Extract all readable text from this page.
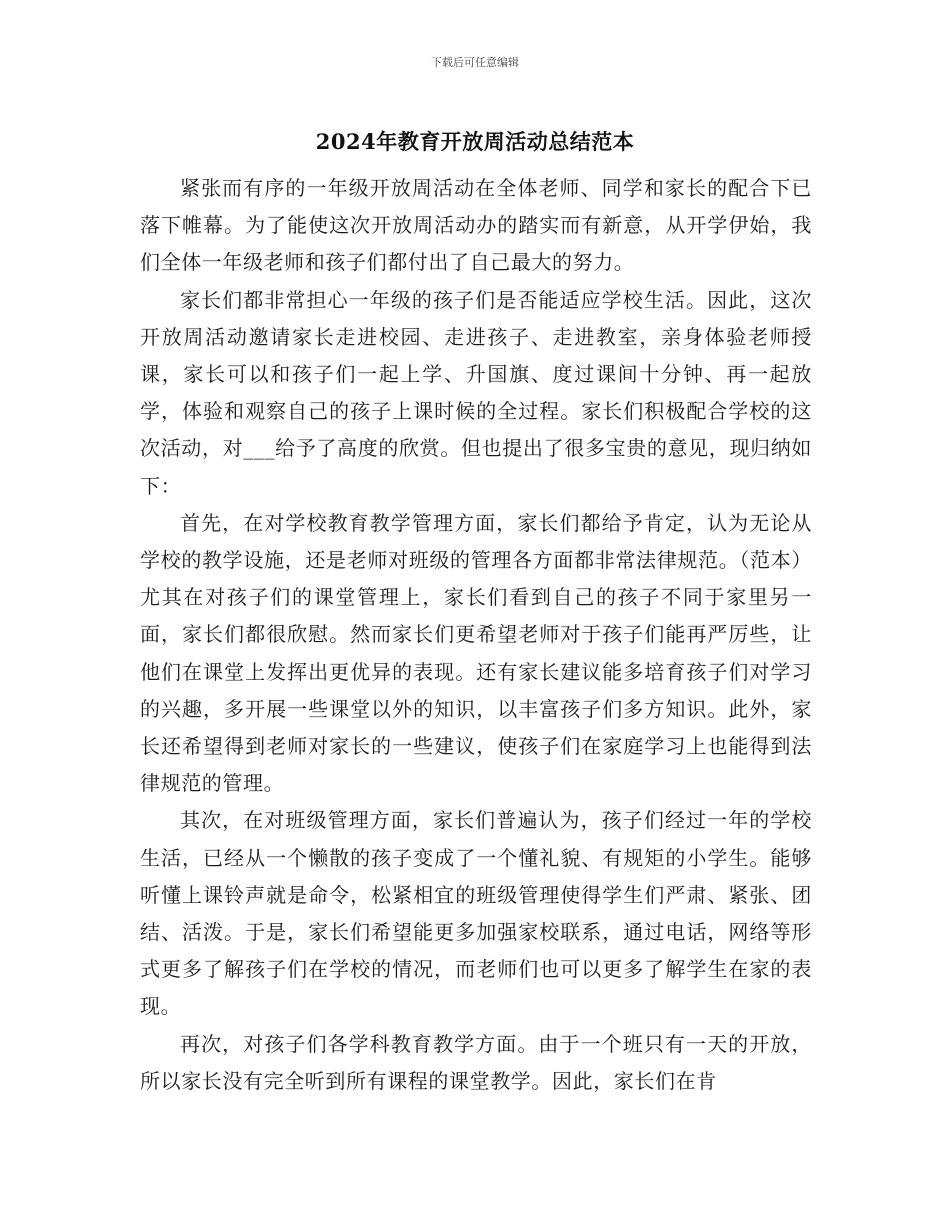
下载后可任意编辑
2024年教育开放周活动总结范本

紧张而有序的一年级开放周活动在全体老师、同学和家长的配合下已落下帷幕。为了能使这次开放周活动办的踏实而有新意，从开学伊始，我们全体一年级老师和孩子们都付出了自己最大的努力。

家长们都非常担心一年级的孩子们是否能适应学校生活。因此，这次开放周活动邀请家长走进校园、走进孩子、走进教室，亲身体验老师授课，家长可以和孩子们一起上学、升国旗、度过课间十分钟、再一起放学，体验和观察自己的孩子上课时候的全过程。家长们积极配合学校的这次活动，对___给予了高度的欣赏。但也提出了很多宝贵的意见，现归纳如下：

首先，在对学校教育教学管理方面，家长们都给予肯定，认为无论从学校的教学设施，还是老师对班级的管理各方面都非常法律规范。（范本）尤其在对孩子们的课堂管理上，家长们看到自己的孩子不同于家里另一面，家长们都很欣慰。然而家长们更希望老师对于孩子们能再严厉些，让他们在课堂上发挥出更优异的表现。还有家长建议能多培育孩子们对学习的兴趣，多开展一些课堂以外的知识，以丰富孩子们多方知识。此外，家长还希望得到老师对家长的一些建议，使孩子们在家庭学习上也能得到法律规范的管理。

其次，在对班级管理方面，家长们普遍认为，孩子们经过一年的学校生活，已经从一个懒散的孩子变成了一个懂礼貌、有规矩的小学生。能够听懂上课铃声就是命令，松紧相宜的班级管理使得学生们严肃、紧张、团结、活泼。于是，家长们希望能更多加强家校联系，通过电话，网络等形式更多了解孩子们在学校的情况，而老师们也可以更多了解学生在家的表现。

再次，对孩子们各学科教育教学方面。由于一个班只有一天的开放，所以家长没有完全听到所有课程的课堂教学。因此，家长们在肯
